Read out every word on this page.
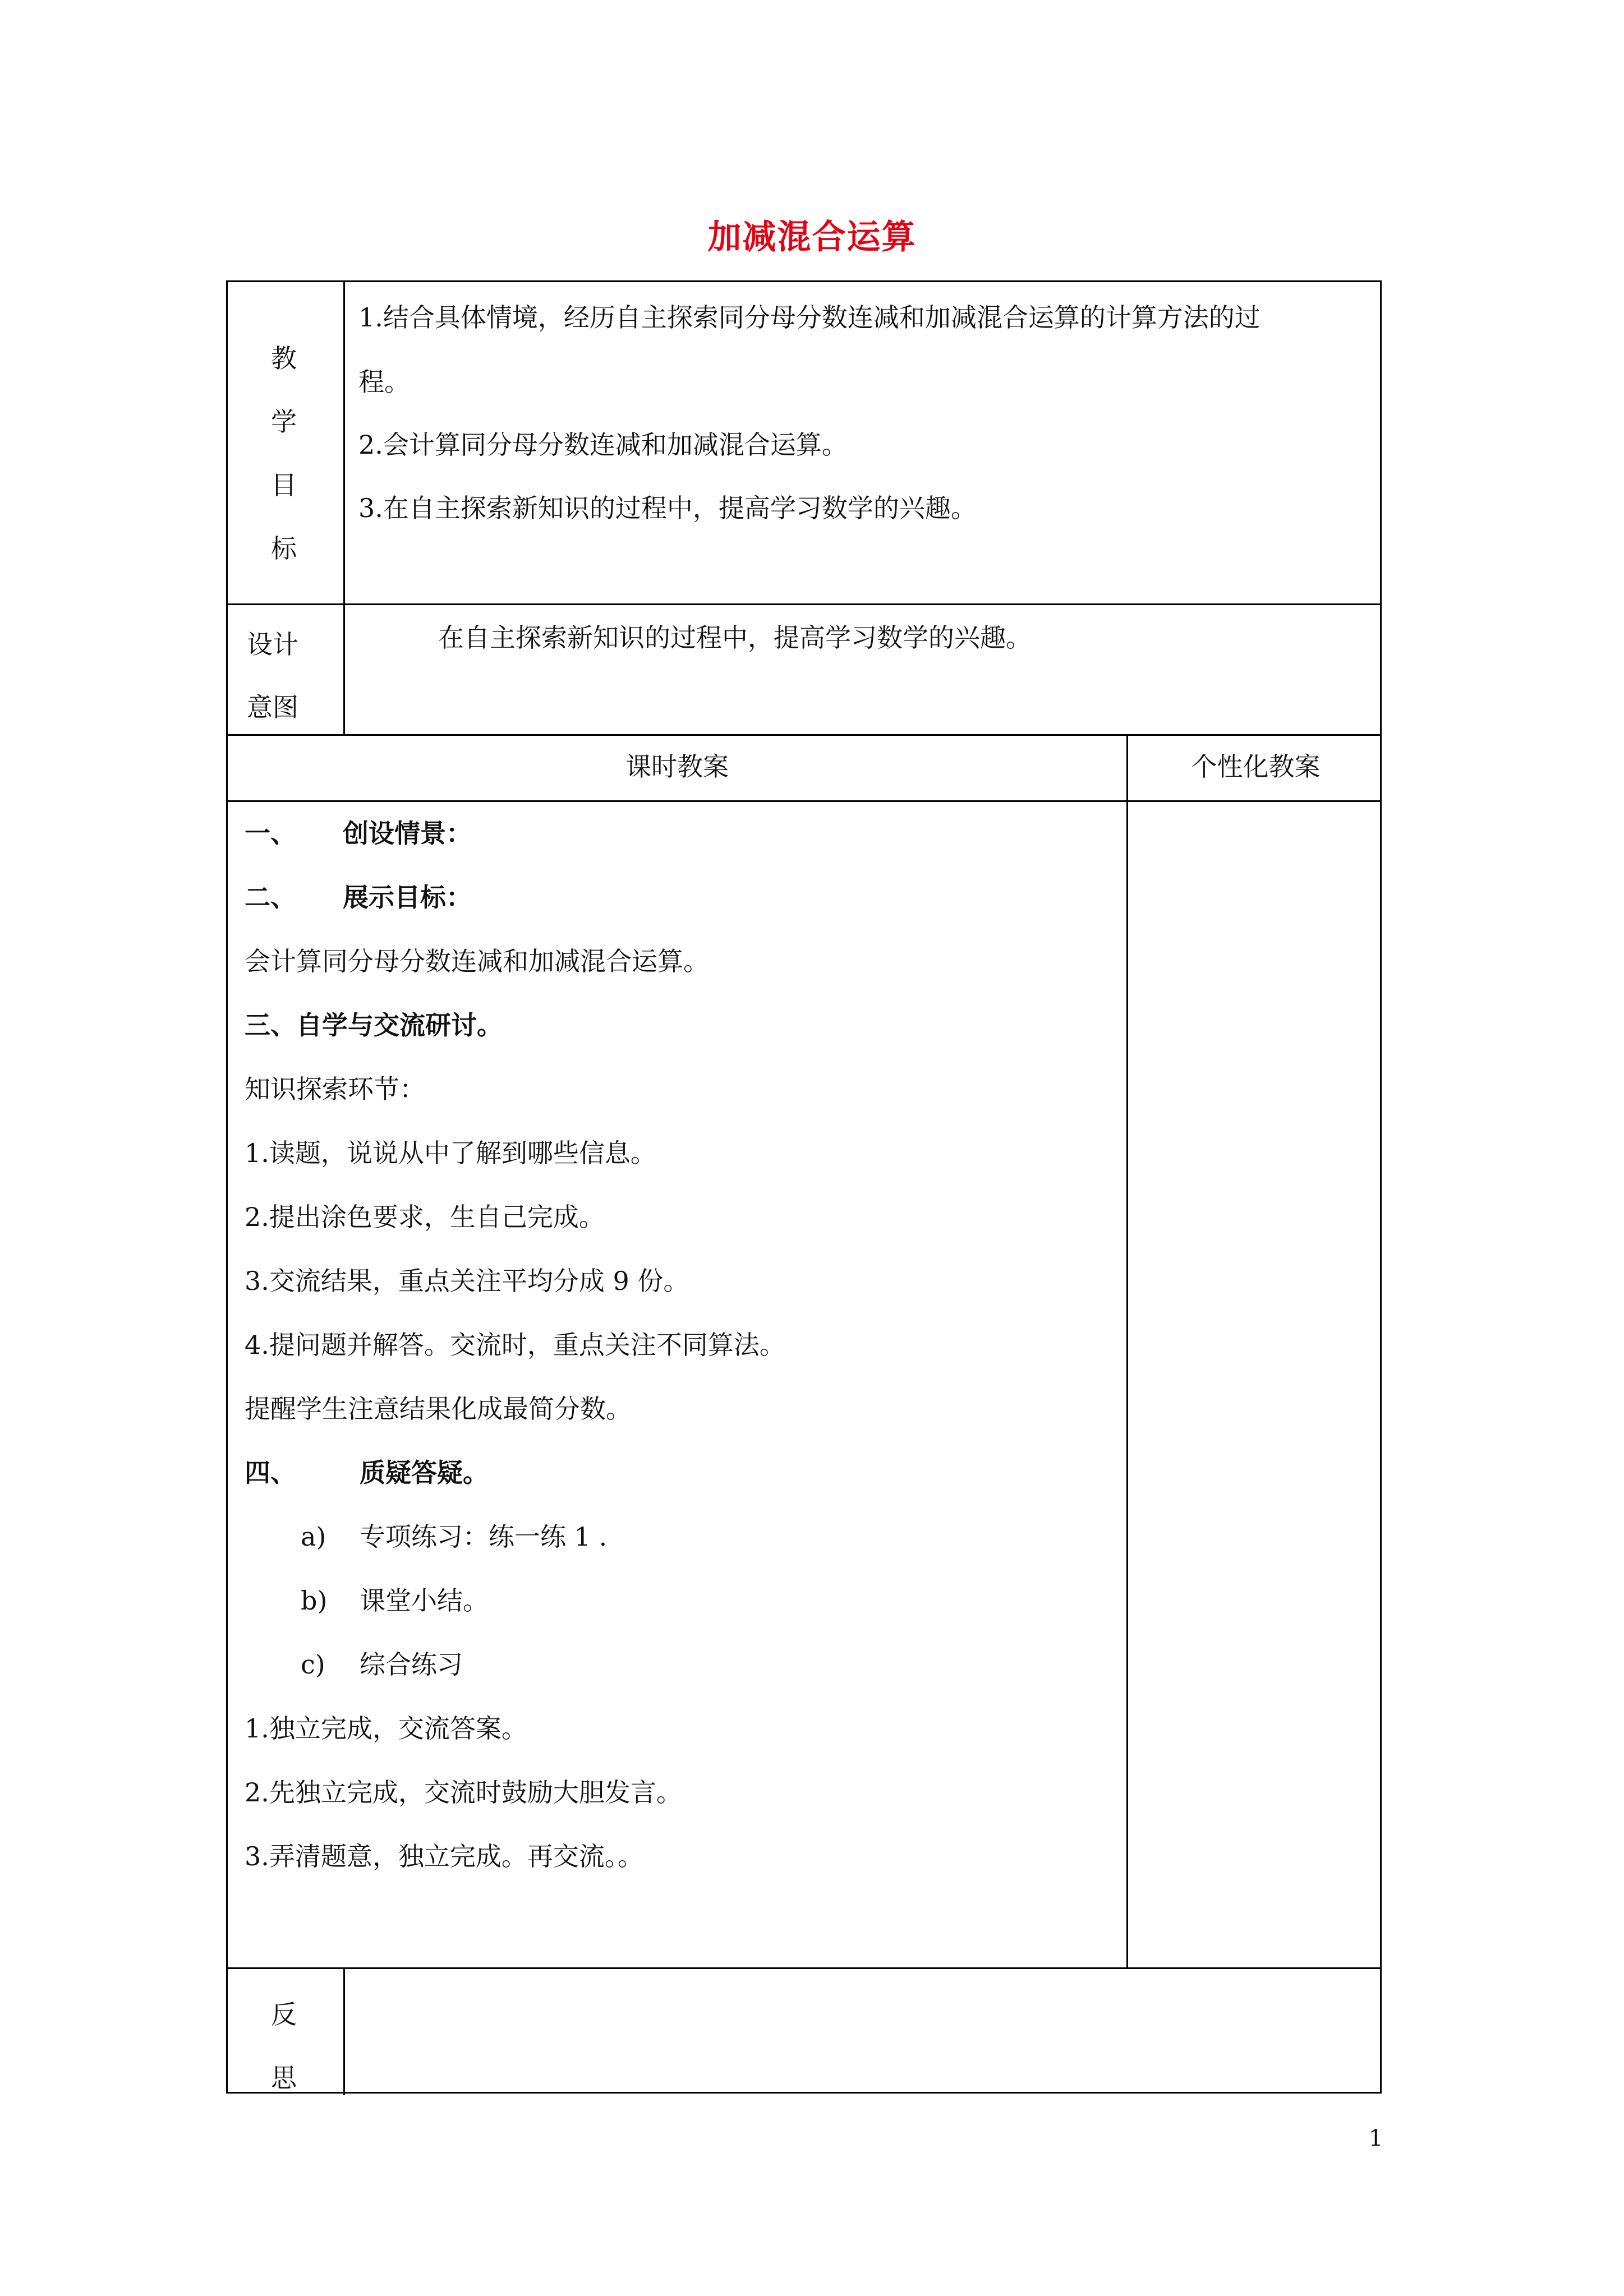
加减混合运算
教
学
目
标
1.结合具体情境，经历自主探索同分母分数连减和加减混合运算的计算方法的过
程。
2.会计算同分母分数连减和加减混合运算。
3.在自主探索新知识的过程中，提高学习数学的兴趣。
设计
意图
在自主探索新知识的过程中，提高学习数学的兴趣。
课时教案	个性化教案
一、 创设情景：
二、 展示目标：
会计算同分母分数连减和加减混合运算。
三、自学与交流研讨。
知识探索环节：
1.读题，说说从中了解到哪些信息。
2.提出涂色要求，生自己完成。
3.交流结果，重点关注平均分成 9 份。
4.提问题并解答。交流时，重点关注不同算法。
提醒学生注意结果化成最简分数。
四、 质疑答疑。
a) 专项练习：练一练 1 .
b) 课堂小结。
c) 综合练习
1.独立完成，交流答案。
2.先独立完成，交流时鼓励大胆发言。
3.弄清题意，独立完成。再交流。。
反
思
1
